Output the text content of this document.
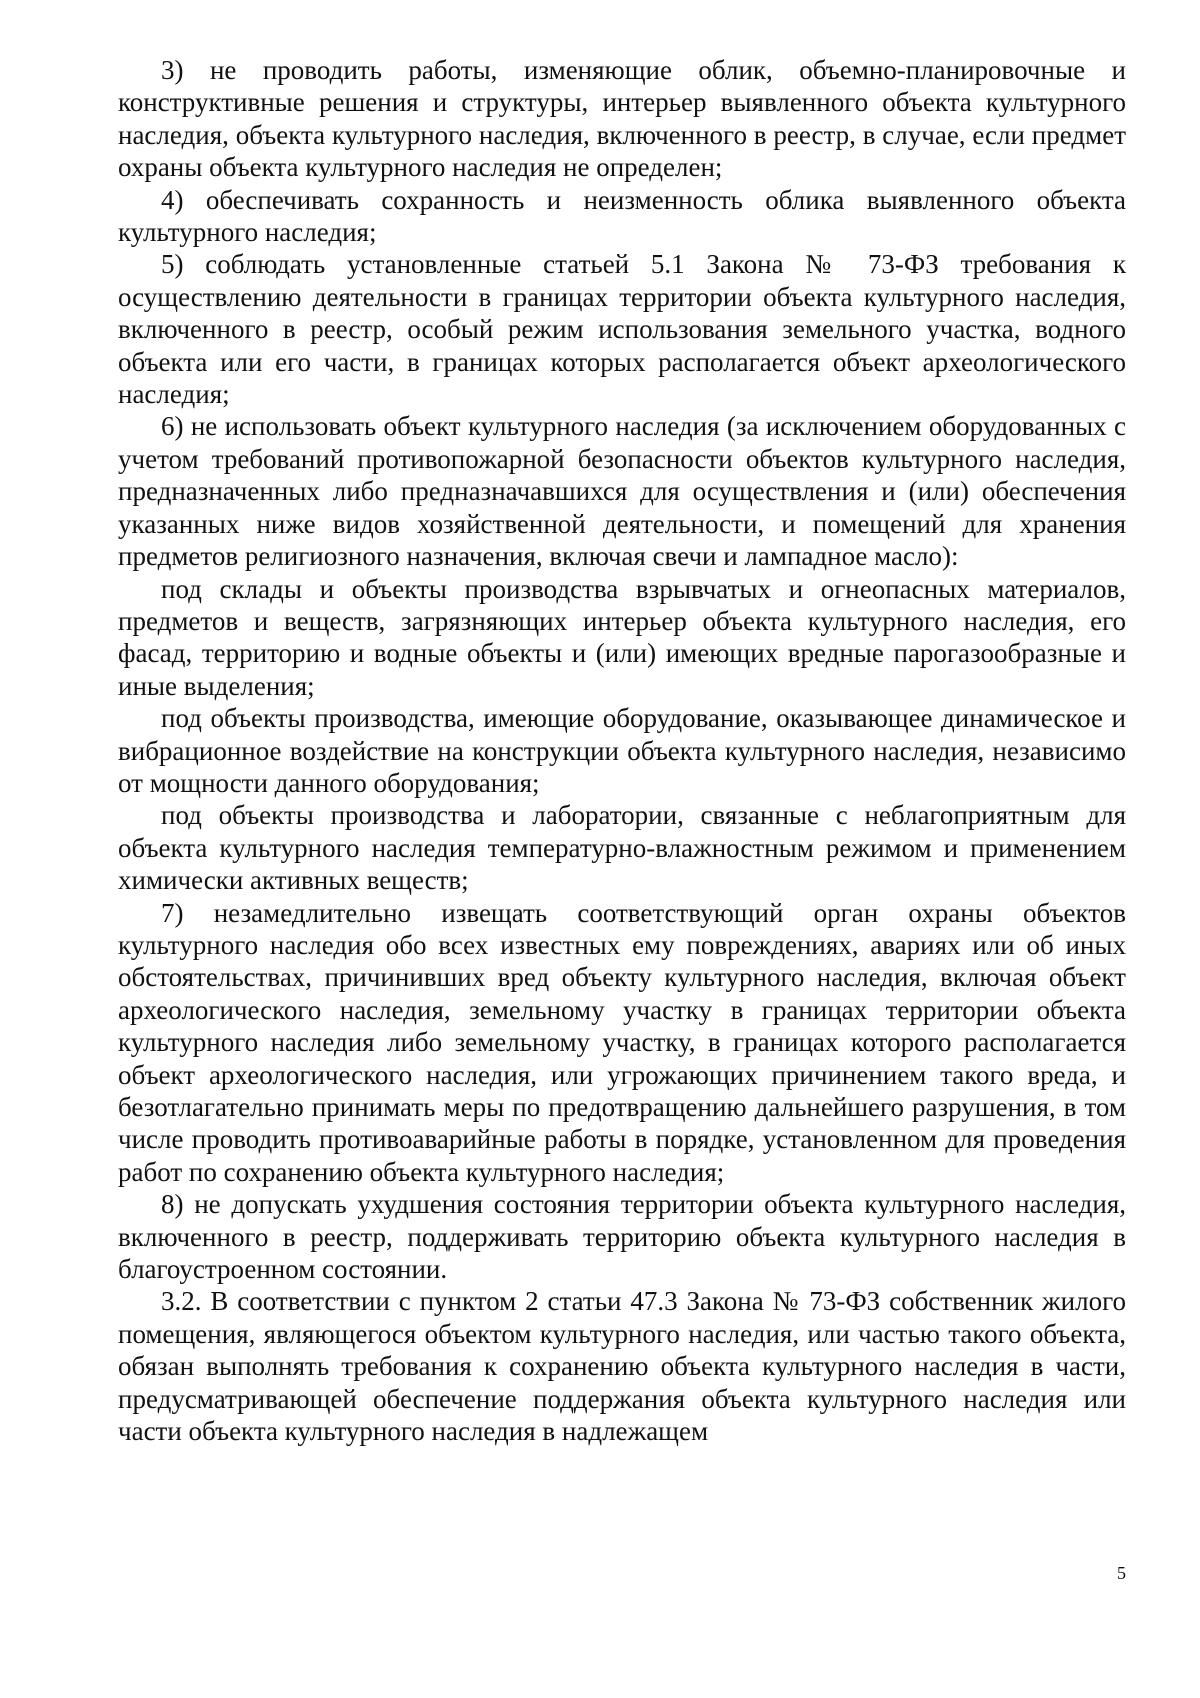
3) не проводить работы, изменяющие облик, объемно-планировочные и конструктивные решения и структуры, интерьер выявленного объекта культурного наследия, объекта культурного наследия, включенного в реестр, в случае, если предмет охраны объекта культурного наследия не определен;

4) обеспечивать сохранность и неизменность облика выявленного объекта культурного наследия;

5) соблюдать установленные статьей 5.1 Закона № 73-ФЗ требования к осуществлению деятельности в границах территории объекта культурного наследия, включенного в реестр, особый режим использования земельного участка, водного объекта или его части, в границах которых располагается объект археологического наследия;

6) не использовать объект культурного наследия (за исключением оборудованных с учетом требований противопожарной безопасности объектов культурного наследия, предназначенных либо предназначавшихся для осуществления и (или) обеспечения указанных ниже видов хозяйственной деятельности, и помещений для хранения предметов религиозного назначения, включая свечи и лампадное масло):

под склады и объекты производства взрывчатых и огнеопасных материалов, предметов и веществ, загрязняющих интерьер объекта культурного наследия, его фасад, территорию и водные объекты и (или) имеющих вредные парогазообразные и иные выделения;

под объекты производства, имеющие оборудование, оказывающее динамическое и вибрационное воздействие на конструкции объекта культурного наследия, независимо от мощности данного оборудования;

под объекты производства и лаборатории, связанные с неблагоприятным для объекта культурного наследия температурно-влажностным режимом и применением химически активных веществ;

7) незамедлительно извещать соответствующий орган охраны объектов культурного наследия обо всех известных ему повреждениях, авариях или об иных обстоятельствах, причинивших вред объекту культурного наследия, включая объект археологического наследия, земельному участку в границах территории объекта культурного наследия либо земельному участку, в границах которого располагается объект археологического наследия, или угрожающих причинением такого вреда, и безотлагательно принимать меры по предотвращению дальнейшего разрушения, в том числе проводить противоаварийные работы в порядке, установленном для проведения работ по сохранению объекта культурного наследия;

8) не допускать ухудшения состояния территории объекта культурного наследия, включенного в реестр, поддерживать территорию объекта культурного наследия в благоустроенном состоянии.

3.2. В соответствии с пунктом 2 статьи 47.3 Закона № 73-ФЗ собственник жилого помещения, являющегося объектом культурного наследия, или частью такого объекта, обязан выполнять требования к сохранению объекта культурного наследия в части, предусматривающей обеспечение поддержания объекта культурного наследия или части объекта культурного наследия в надлежащем

5
